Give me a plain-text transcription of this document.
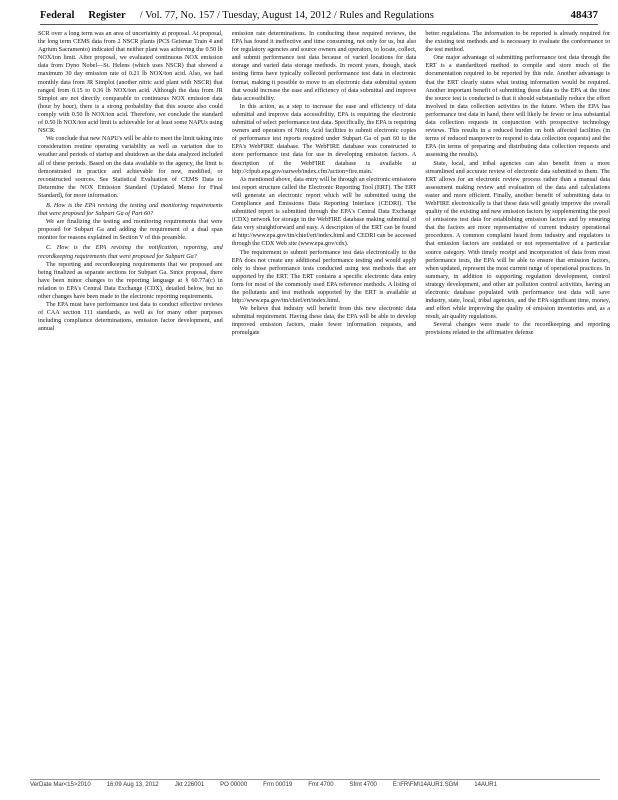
Federal Register / Vol. 77, No. 157 / Tuesday, August 14, 2012 / Rules and Regulations	48437

SCR over a long term was an area of uncertainty at proposal. At proposal, the long term CEMS data from 2 NSCR plants (PCS Geismar Train 4 and Agrium Sacramento) indicated that neither plant was achieving the 0.50 lb NOX/ton limit. After proposal, we evaluated continuous NOX emission data from Dyno Nobel—St. Helens (which uses NSCR) that showed a maximum 30 day emission rate of 0.21 lb NOX/ton acid. Also, we had monthly data from JR Simplot (another nitric acid plant with NSCR) that ranged from 0.15 to 0.36 lb NOX/ton acid. Although the data from JR Simplot are not directly comparable to continuous NOX emission data (hour by hour), there is a strong probability that this source also could comply with 0.50 lb NOX/ton acid. Therefore, we conclude the standard of 0.50 lb NOX/ton acid limit is achievable for at least some NAPUs using NSCR.

We conclude that new NAPU's will be able to meet the limit taking into consideration routine operating variability as well as variation due to weather and periods of startup and shutdown as the data analyzed included all of these periods. Based on the data available to the agency, the limit is demonstrated in practice and achievable for new, modified, or reconstructed sources. See Statistical Evaluation of CEMS Data to Determine the NOX Emission Standard (Updated Memo for Final Standard), for more information.

B. How is the EPA revising the testing and monitoring requirements that were proposed for Subpart Ga of Part 60?

We are finalizing the testing and monitoring requirements that were proposed for Subpart Ga and adding the requirement of a dual span monitor for reasons explained in Section V of this preamble.

C. How is the EPA revising the notification, reporting, and recordkeeping requirements that were proposed for Subpart Ga?

The reporting and recordkeeping requirements that we proposed are being finalized as separate sections for Subpart Ga. Since proposal, there have been minor changes to the reporting language at § 60.77a(c) in relation to EPA's Central Data Exchange (CDX), detailed below, but no other changes have been made to the electronic reporting requirements.

The EPA must have performance test data to conduct effective reviews of CAA section 111 standards, as well as for many other purposes including compliance determinations, emission factor development, and annual

emission rate determinations. In conducting these required reviews, the EPA has found it ineffective and time consuming, not only for us, but also for regulatory agencies and source owners and operators, to locate, collect, and submit performance test data because of varied locations for data storage and varied data storage methods. In recent years, though, stack testing firms have typically collected performance test data in electronic format, making it possible to move to an electronic data submittal system that would increase the ease and efficiency of data submittal and improve data accessibility.

In this action, as a step to increase the ease and efficiency of data submittal and improve data accessibility, EPA is requiring the electronic submittal of select performance test data. Specifically, the EPA is requiring owners and operators of Nitric Acid facilities to submit electronic copies of performance test reports required under Subpart Ga of part 60 to the EPA's WebFIRE database. The WebFIRE database was constructed to store performance test data for use in developing emission factors. A description of the WebFIRE database is available at http://cfpub.epa.gov/oarweb/index.cfm?action=fire.main.

As mentioned above, data entry will be through an electronic emissions test report structure called the Electronic Reporting Tool (ERT). The ERT will generate an electronic report which will be submitted using the Compliance and Emissions Data Reporting Interface (CEDRI). The submitted report is submitted through the EPA's Central Data Exchange (CDX) network for storage in the WebFIRE database making submittal of data very straightforward and easy. A description of the ERT can be found at http://www.epa.gov/ttn/chief/ert/index.html and CEDRI can be accessed through the CDX Web site (www.epa.gov/cdx).

The requirement to submit performance test data electronically to the EPA does not create any additional performance testing and would apply only to those performance tests conducted using test methods that are supported by the ERT. The ERT contains a specific electronic data entry form for most of the commonly used EPA reference methods. A listing of the pollutants and test methods supported by the ERT is available at http://www.epa.gov/ttn/chief/ert/index.html.

We believe that industry will benefit from this new electronic data submittal requirement. Having these data, the EPA will be able to develop improved emission factors, make fewer information requests, and promulgate

better regulations. The information to be reported is already required for the existing test methods and is necessary to evaluate the conformance to the test method.

One major advantage of submitting performance test data through the ERT is a standardized method to compile and store much of the documentation required to be reported by this rule. Another advantage is that the ERT clearly states what testing information would be required. Another important benefit of submitting these data to the EPA at the time the source test is conducted is that it should substantially reduce the effort involved in data collection activities in the future. When the EPA has performance test data in hand, there will likely be fewer or less substantial data collection requests in conjunction with prospective technology reviews. This results in a reduced burden on both affected facilities (in terms of reduced manpower to respond to data collection requests) and the EPA (in terms of preparing and distributing data collection requests and assessing the results).

State, local, and tribal agencies can also benefit from a more streamlined and accurate review of electronic data submitted to them. The ERT allows for an electronic review process rather than a manual data assessment making review and evaluation of the data and calculations easier and more efficient. Finally, another benefit of submitting data to WebFIRE electronically is that these data will greatly improve the overall quality of the existing and new emission factors by supplementing the pool of emissions test data for establishing emission factors and by ensuring that the factors are more representative of current industry operational procedures. A common complaint heard from industry and regulators is that emission factors are outdated or not representative of a particular source category. With timely receipt and incorporation of data from most performance tests, the EPA will be able to ensure that emission factors, when updated, represent the most current range of operational practices. In summary, in addition to supporting regulation development, control strategy development, and other air pollution control activities, having an electronic database populated with performance test data will save industry, state, local, tribal agencies, and the EPA significant time, money, and effort while improving the quality of emission inventories and, as a result, air quality regulations.

Several changes were made to the recordkeeping and reporting provisions related to the affirmative defense

VerDate Mar<15>2010	16:09 Aug 13, 2012	Jkt 226001	PO 00000	Frm 00019	Fmt 4700	Sfmt 4700	E:\FR\FM\14AUR1.SGM	14AUR1
